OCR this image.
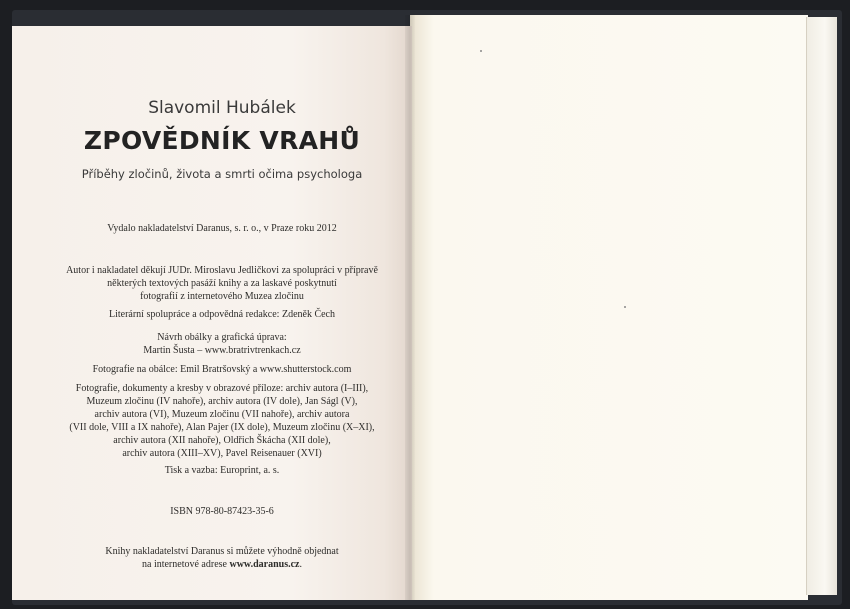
Slavomil Hubálek
ZPOVĚDNÍK VRAHŮ
Příběhy zločinů, života a smrti očima psychologa
Vydalo nakladatelství Daranus, s. r. o., v Praze roku 2012
Autor i nakladatel děkují JUDr. Miroslavu Jedličkovi za spolupráci v přípravě
některých textových pasáží knihy a za laskavé poskytnutí
fotografií z internetového Muzea zločinu
Literární spolupráce a odpovědná redakce: Zdeněk Čech
Návrh obálky a grafická úprava:
Martin Šusta – www.bratrivtrenkach.cz
Fotografie na obálce: Emil Bratršovský a www.shutterstock.com
Fotografie, dokumenty a kresby v obrazové příloze: archiv autora (I–III),
Muzeum zločinu (IV nahoře), archiv autora (IV dole), Jan Ságl (V),
archiv autora (VI), Muzeum zločinu (VII nahoře), archiv autora
(VII dole, VIII a IX nahoře), Alan Pajer (IX dole), Muzeum zločinu (X–XI),
archiv autora (XII nahoře), Oldřich Škácha (XII dole),
archiv autora (XIII–XV), Pavel Reisenauer (XVI)
Tisk a vazba: Europrint, a. s.
ISBN 978-80-87423-35-6
Knihy nakladatelství Daranus si můžete výhodně objednat
na internetové adrese www.daranus.cz.
